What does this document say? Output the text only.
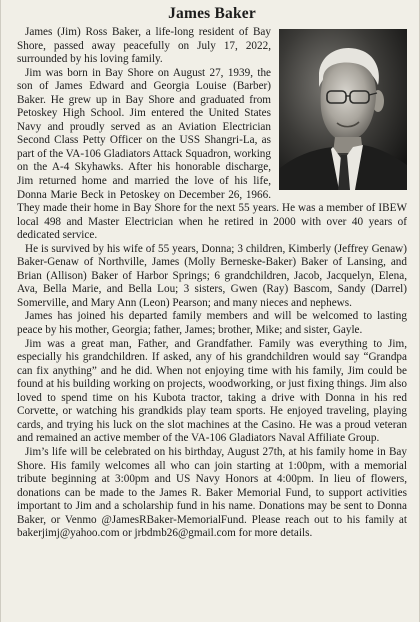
James Baker

James (Jim) Ross Baker, a life-long resident of Bay Shore, passed away peacefully on July 17, 2022, surrounded by his loving family.

Jim was born in Bay Shore on August 27, 1939, the son of James Edward and Georgia Louise (Barber) Baker. He grew up in Bay Shore and graduated from Petoskey High School. Jim entered the United States Navy and proudly served as an Aviation Electrician Second Class Petty Officer on the USS Shangri-La, as part of the VA-106 Gladiators Attack Squadron, working on the A-4 Skyhawks. After his honorable discharge, Jim returned home and married the love of his life, Donna Marie Beck in Petoskey on December 26, 1966. They made their home in Bay Shore for the next 55 years. He was a member of IBEW local 498 and Master Electrician when he retired in 2000 with over 40 years of dedicated service.

He is survived by his wife of 55 years, Donna; 3 children, Kimberly (Jeffrey Genaw) Baker-Genaw of Northville, James (Molly Berneske-Baker) Baker of Lansing, and Brian (Allison) Baker of Harbor Springs; 6 grandchildren, Jacob, Jacquelyn, Elena, Ava, Bella Marie, and Bella Lou; 3 sisters, Gwen (Ray) Bascom, Sandy (Darrel) Somerville, and Mary Ann (Leon) Pearson; and many nieces and nephews.

James has joined his departed family members and will be welcomed to lasting peace by his mother, Georgia; father, James; brother, Mike; and sister, Gayle.

Jim was a great man, Father, and Grandfather. Family was everything to Jim, especially his grandchildren. If asked, any of his grandchildren would say “Grandpa can fix anything” and he did. When not enjoying time with his family, Jim could be found at his building working on projects, woodworking, or just fixing things. Jim also loved to spend time on his Kubota tractor, taking a drive with Donna in his red Corvette, or watching his grandkids play team sports. He enjoyed traveling, playing cards, and trying his luck on the slot machines at the Casino. He was a proud veteran and remained an active member of the VA-106 Gladiators Naval Affiliate Group.

Jim’s life will be celebrated on his birthday, August 27th, at his family home in Bay Shore. His family welcomes all who can join starting at 1:00pm, with a memorial tribute beginning at 3:00pm and US Navy Honors at 4:00pm. In lieu of flowers, donations can be made to the James R. Baker Memorial Fund, to support activities important to Jim and a scholarship fund in his name. Donations may be sent to Donna Baker, or Venmo @JamesRBaker-MemorialFund. Please reach out to his family at bakerjimj@yahoo.com or jrbdmb26@gmail.com for more details.
